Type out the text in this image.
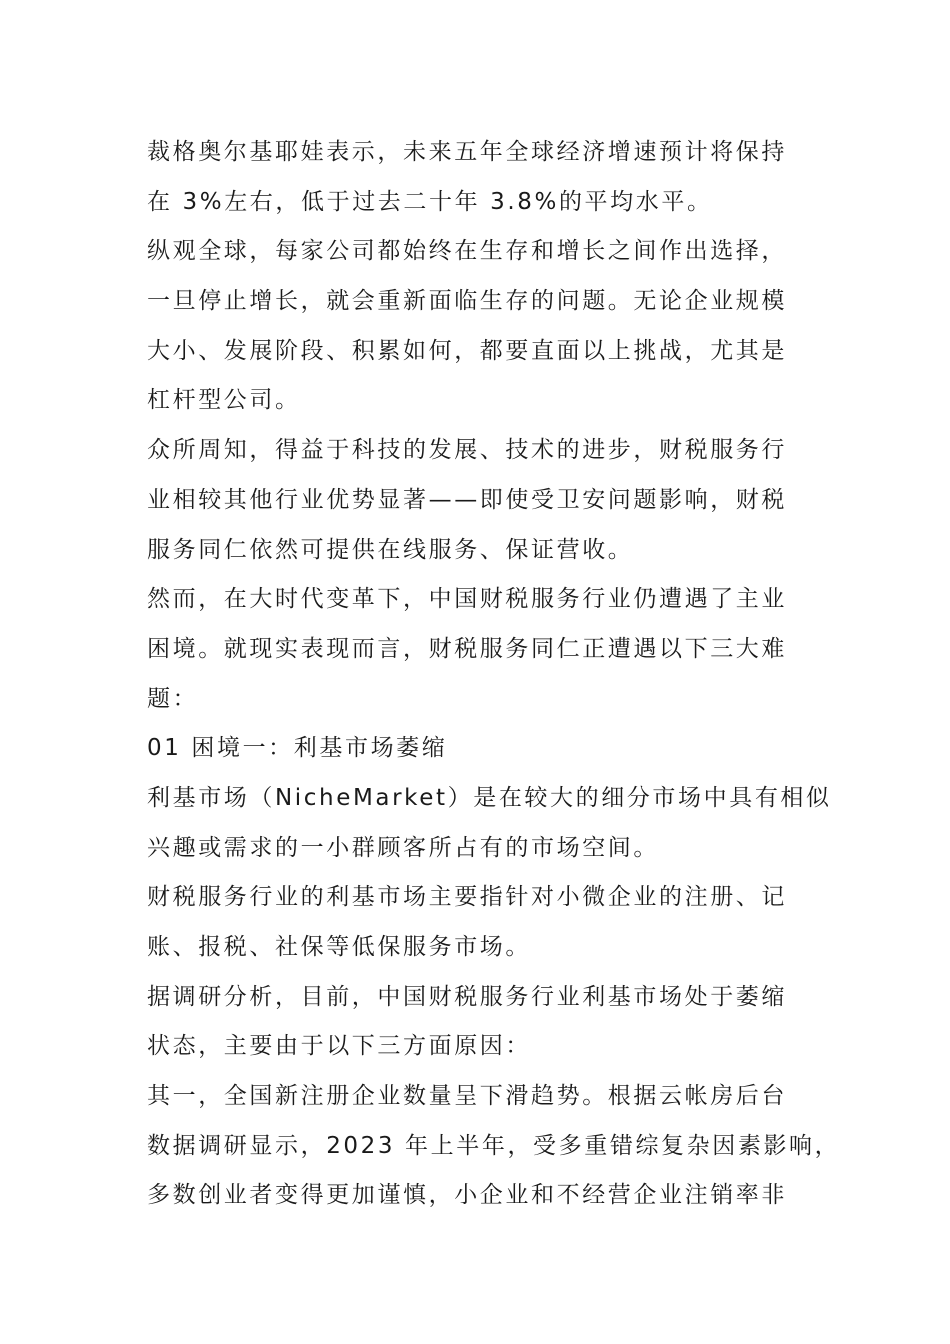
裁格奥尔基耶娃表示，未来五年全球经济增速预计将保持
在 3%左右，低于过去二十年 3.8%的平均水平。
纵观全球，每家公司都始终在生存和增长之间作出选择，
一旦停止增长，就会重新面临生存的问题。无论企业规模
大小、发展阶段、积累如何，都要直面以上挑战，尤其是
杠杆型公司。
众所周知，得益于科技的发展、技术的进步，财税服务行
业相较其他行业优势显著——即使受卫安问题影响，财税
服务同仁依然可提供在线服务、保证营收。
然而，在大时代变革下，中国财税服务行业仍遭遇了主业
困境。就现实表现而言，财税服务同仁正遭遇以下三大难
题：
01 困境一：利基市场萎缩
利基市场（NicheMarket）是在较大的细分市场中具有相似
兴趣或需求的一小群顾客所占有的市场空间。
财税服务行业的利基市场主要指针对小微企业的注册、记
账、报税、社保等低保服务市场。
据调研分析，目前，中国财税服务行业利基市场处于萎缩
状态，主要由于以下三方面原因：
其一，全国新注册企业数量呈下滑趋势。根据云帐房后台
数据调研显示，2023 年上半年，受多重错综复杂因素影响，
多数创业者变得更加谨慎，小企业和不经营企业注销率非
